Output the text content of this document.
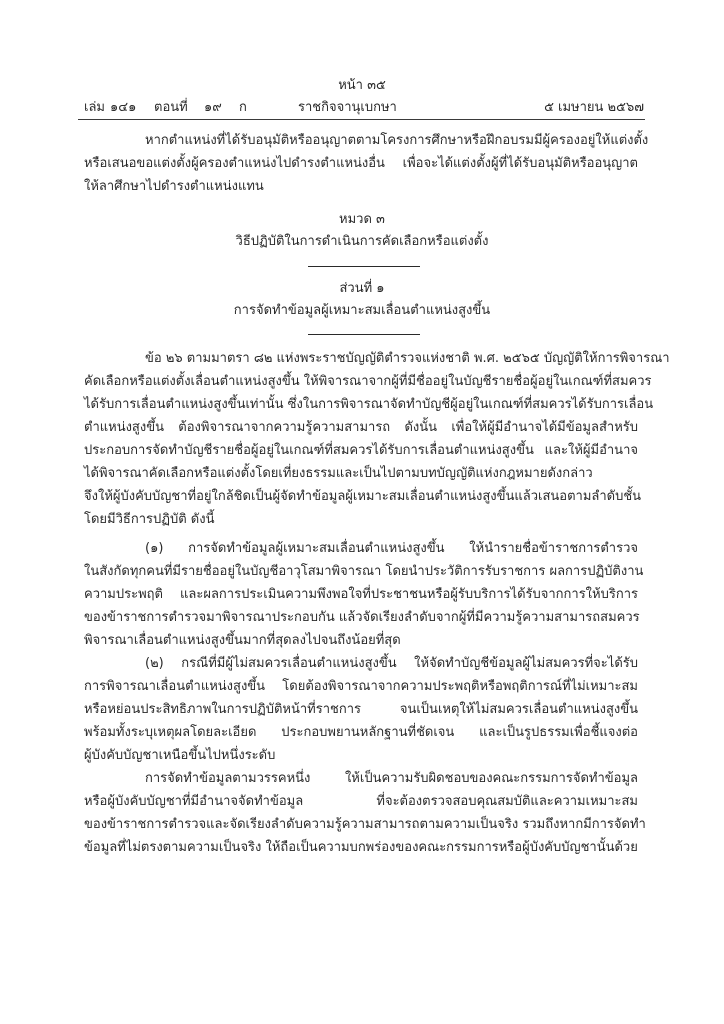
หน้า ๓๕
เล่ม ๑๔๑ ตอนที่ ๑๙ ก	ราชกิจจานุเบกษา	๕ เมษายน ๒๕๖๗
หากตำแหน่งที่ได้รับอนุมัติหรืออนุญาตตามโครงการศึกษาหรือฝึกอบรมมีผู้ครองอยู่ให้แต่งตั้ง
หรือเสนอขอแต่งตั้งผู้ครองตำแหน่งไปดำรงตำแหน่งอื่น เพื่อจะได้แต่งตั้งผู้ที่ได้รับอนุมัติหรืออนุญาต
ให้ลาศึกษาไปดำรงตำแหน่งแทน
หมวด ๓
วิธีปฏิบัติในการดำเนินการคัดเลือกหรือแต่งตั้ง
ส่วนที่ ๑
การจัดทำข้อมูลผู้เหมาะสมเลื่อนตำแหน่งสูงขึ้น
ข้อ ๒๖ ตามมาตรา ๘๒ แห่งพระราชบัญญัติตำรวจแห่งชาติ พ.ศ. ๒๕๖๕ บัญญัติให้การพิจารณา
คัดเลือกหรือแต่งตั้งเลื่อนตำแหน่งสูงขึ้น ให้พิจารณาจากผู้ที่มีชื่ออยู่ในบัญชีรายชื่อผู้อยู่ในเกณฑ์ที่สมควร
ได้รับการเลื่อนตำแหน่งสูงขึ้นเท่านั้น ซึ่งในการพิจารณาจัดทำบัญชีผู้อยู่ในเกณฑ์ที่สมควรได้รับการเลื่อน
ตำแหน่งสูงขึ้น ต้องพิจารณาจากความรู้ความสามารถ ดังนั้น เพื่อให้ผู้มีอำนาจได้มีข้อมูลสำหรับ
ประกอบการจัดทำบัญชีรายชื่อผู้อยู่ในเกณฑ์ที่สมควรได้รับการเลื่อนตำแหน่งสูงขึ้น และให้ผู้มีอำนาจ
ได้พิจารณาคัดเลือกหรือแต่งตั้งโดยเที่ยงธรรมและเป็นไปตามบทบัญญัติแห่งกฎหมายดังกล่าว
จึงให้ผู้บังคับบัญชาที่อยู่ใกล้ชิดเป็นผู้จัดทำข้อมูลผู้เหมาะสมเลื่อนตำแหน่งสูงขึ้นแล้วเสนอตามลำดับชั้น
โดยมีวิธีการปฏิบัติ ดังนี้
(๑) การจัดทำข้อมูลผู้เหมาะสมเลื่อนตำแหน่งสูงขึ้น ให้นำรายชื่อข้าราชการตำรวจ
ในสังกัดทุกคนที่มีรายชื่ออยู่ในบัญชีอาวุโสมาพิจารณา โดยนำประวัติการรับราชการ ผลการปฏิบัติงาน
ความประพฤติ และผลการประเมินความพึงพอใจที่ประชาชนหรือผู้รับบริการได้รับจากการให้บริการ
ของข้าราชการตำรวจมาพิจารณาประกอบกัน แล้วจัดเรียงลำดับจากผู้ที่มีความรู้ความสามารถสมควร
พิจารณาเลื่อนตำแหน่งสูงขึ้นมากที่สุดลงไปจนถึงน้อยที่สุด
(๒) กรณีที่มีผู้ไม่สมควรเลื่อนตำแหน่งสูงขึ้น ให้จัดทำบัญชีข้อมูลผู้ไม่สมควรที่จะได้รับ
การพิจารณาเลื่อนตำแหน่งสูงขึ้น โดยต้องพิจารณาจากความประพฤติหรือพฤติการณ์ที่ไม่เหมาะสม
หรือหย่อนประสิทธิภาพในการปฏิบัติหน้าที่ราชการ จนเป็นเหตุให้ไม่สมควรเลื่อนตำแหน่งสูงขึ้น
พร้อมทั้งระบุเหตุผลโดยละเอียด ประกอบพยานหลักฐานที่ชัดเจน และเป็นรูปธรรมเพื่อชี้แจงต่อ
ผู้บังคับบัญชาเหนือขึ้นไปหนึ่งระดับ
การจัดทำข้อมูลตามวรรคหนึ่ง ให้เป็นความรับผิดชอบของคณะกรรมการจัดทำข้อมูล
หรือผู้บังคับบัญชาที่มีอำนาจจัดทำข้อมูล ที่จะต้องตรวจสอบคุณสมบัติและความเหมาะสม
ของข้าราชการตำรวจและจัดเรียงลำดับความรู้ความสามารถตามความเป็นจริง รวมถึงหากมีการจัดทำ
ข้อมูลที่ไม่ตรงตามความเป็นจริง ให้ถือเป็นความบกพร่องของคณะกรรมการหรือผู้บังคับบัญชานั้นด้วย
